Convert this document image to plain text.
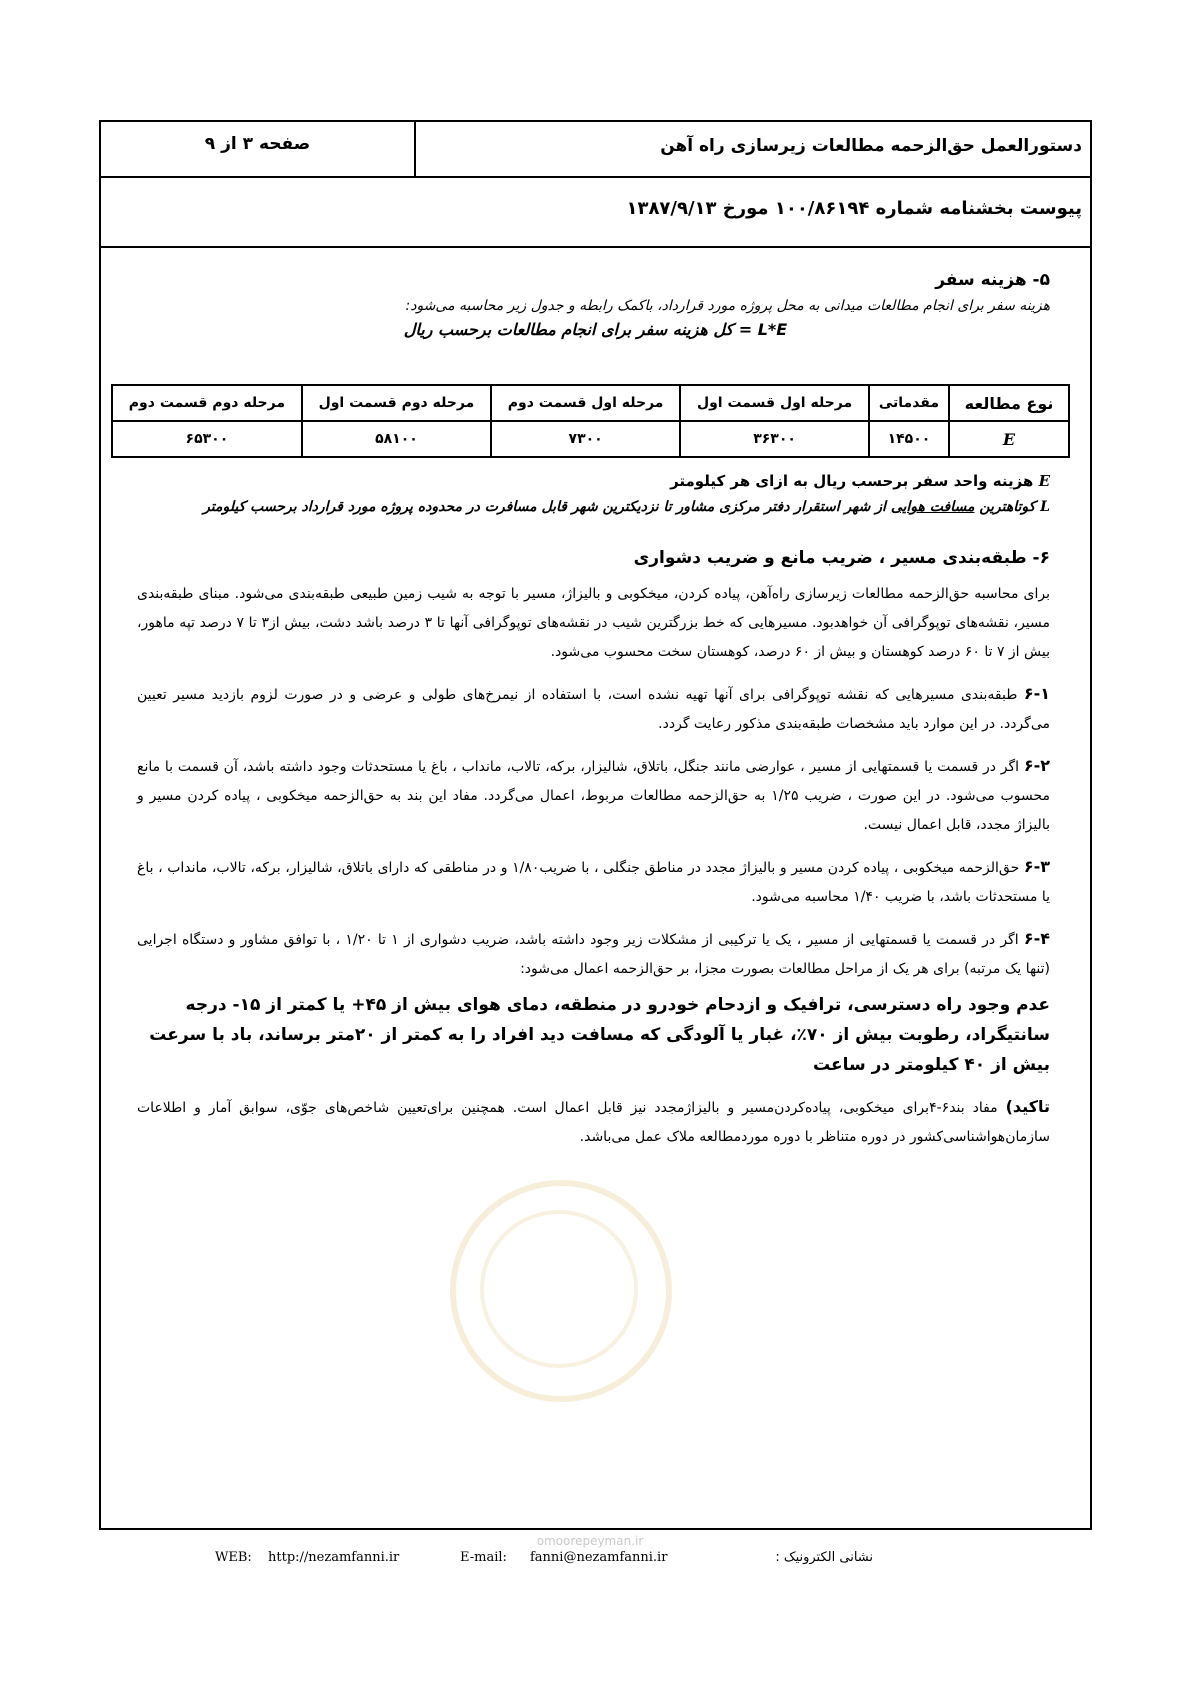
دستورالعمل حق‌الزحمه مطالعات زیرسازی راه آهن
صفحه ۳ از ۹
پیوست بخشنامه شماره ۱۰۰/۸۶۱۹۴ مورخ ۱۳۸۷/۹/۱۳

۵- هزینه سفر

هزینه سفر برای انجام مطالعات میدانی به محل پروژه مورد قرارداد، باکمک رابطه و جدول زیر محاسبه می‌شود:

L*E = کل هزینه سفر برای انجام مطالعات برحسب ریال

نوع مطالعه	مقدماتی	مرحله اول قسمت اول	مرحله اول قسمت دوم	مرحله دوم قسمت اول	مرحله دوم قسمت دوم
E	۱۴۵۰۰	۳۶۳۰۰	۷۳۰۰	۵۸۱۰۰	۶۵۳۰۰

E هزینه واحد سفر برحسب ریال به ازای هر کیلومتر

L کوتاهترین مسافت هوایی از شهر استقرار دفتر مرکزی مشاور تا نزدیکترین شهر قابل مسافرت در محدوده پروژه مورد قرارداد برحسب کیلومتر

۶- طبقه‌بندی مسیر ، ضریب مانع و ضریب دشواری

برای محاسبه حق‌الزحمه مطالعات زیرسازی راه‌آهن، پیاده کردن، میخکوبی و بالیزاژ، مسیر با توجه به شیب زمین طبیعی طبقه‌بندی می‌شود. مبنای طبقه‌بندی مسیر، نقشه‌های توپوگرافی آن خواهدبود. مسیرهایی که خط بزرگترین شیب در نقشه‌های توپوگرافی آنها تا ۳ درصد باشد دشت، بیش از۳ تا ۷ درصد تپه ماهور، بیش از ۷ تا ۶۰ درصد کوهستان و بیش از ۶۰ درصد، کوهستان سخت محسوب می‌شود.

۶-۱ طبقه‌بندی مسیرهایی که نقشه توپوگرافی برای آنها تهیه نشده است، با استفاده از نیمرخ‌های طولی و عرضی و در صورت لزوم بازدید مسیر تعیین می‌گردد. در این موارد باید مشخصات طبقه‌بندی مذکور رعایت گردد.

۶-۲ اگر در قسمت یا قسمتهایی از مسیر ، عوارضی مانند جنگل، باتلاق، شالیزار، برکه، تالاب، مانداب ، باغ یا مستحدثات وجود داشته باشد، آن قسمت با مانع محسوب می‌شود. در این صورت ، ضریب ۱/۲۵ به حق‌الزحمه مطالعات مربوط، اعمال می‌گردد. مفاد این بند به حق‌الزحمه میخکوبی ، پیاده کردن مسیر و بالیزاژ مجدد، قابل اعمال نیست.

۶-۳ حق‌الزحمه میخکوبی ، پیاده کردن مسیر و بالیزاژ مجدد در مناطق جنگلی ، با ضریب۱/۸۰ و در مناطقی که دارای باتلاق، شالیزار، برکه، تالاب، مانداب ، باغ یا مستحدثات باشد، با ضریب ۱/۴۰ محاسبه می‌شود.

۶-۴ اگر در قسمت یا قسمتهایی از مسیر ، یک یا ترکیبی از مشکلات زیر وجود داشته باشد، ضریب دشواری از ۱ تا ۱/۲۰ ، با توافق مشاور و دستگاه اجرایی (تنها یک مرتبه) برای هر یک از مراحل مطالعات بصورت مجزا، بر حق‌الزحمه اعمال می‌شود:

عدم وجود راه دسترسی، ترافیک و ازدحام خودرو در منطقه، دمای هوای بیش از ۴۵+ یا کمتر از ۱۵- درجه سانتیگراد، رطوبت بیش از ۷۰٪، غبار یا آلودگی که مسافت دید افراد را به کمتر از ۲۰متر برساند، باد با سرعت بیش از ۴۰ کیلومتر در ساعت

تاکید) مفاد بند۶-۴برای میخکوبی، پیاده‌کردن‌مسیر و بالیزاژ‌مجدد نیز قابل اعمال است. همچنین برای‌تعیین شاخص‌های جوّی، سوابق آمار و اطلاعات سازمان‌هواشناسی‌کشور در دوره متناظر با دوره مورد‌مطالعه ملاک عمل می‌باشد.

omoorepeyman.ir
WEB: http://nezamfanni.ir	E-mail: fanni@nezamfanni.ir	نشانی الکترونیک :
